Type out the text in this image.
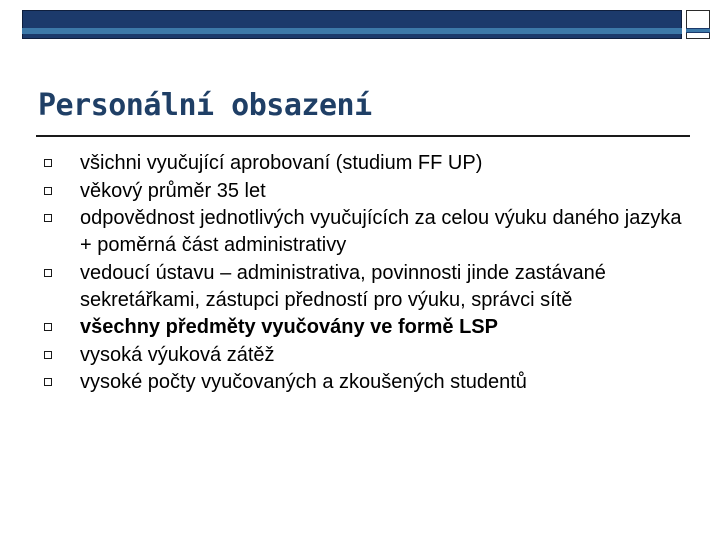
Personální obsazení
všichni vyučující aprobovaní (studium FF UP)
věkový průměr 35 let
odpovědnost jednotlivých vyučujících za celou výuku daného jazyka + poměrná část administrativy
vedoucí ústavu – administrativa, povinnosti jinde zastávané sekretářkami, zástupci předností pro výuku, správci sítě
všechny předměty vyučovány ve formě LSP
vysoká výuková zátěž
vysoké počty vyučovaných a zkoušených studentů
